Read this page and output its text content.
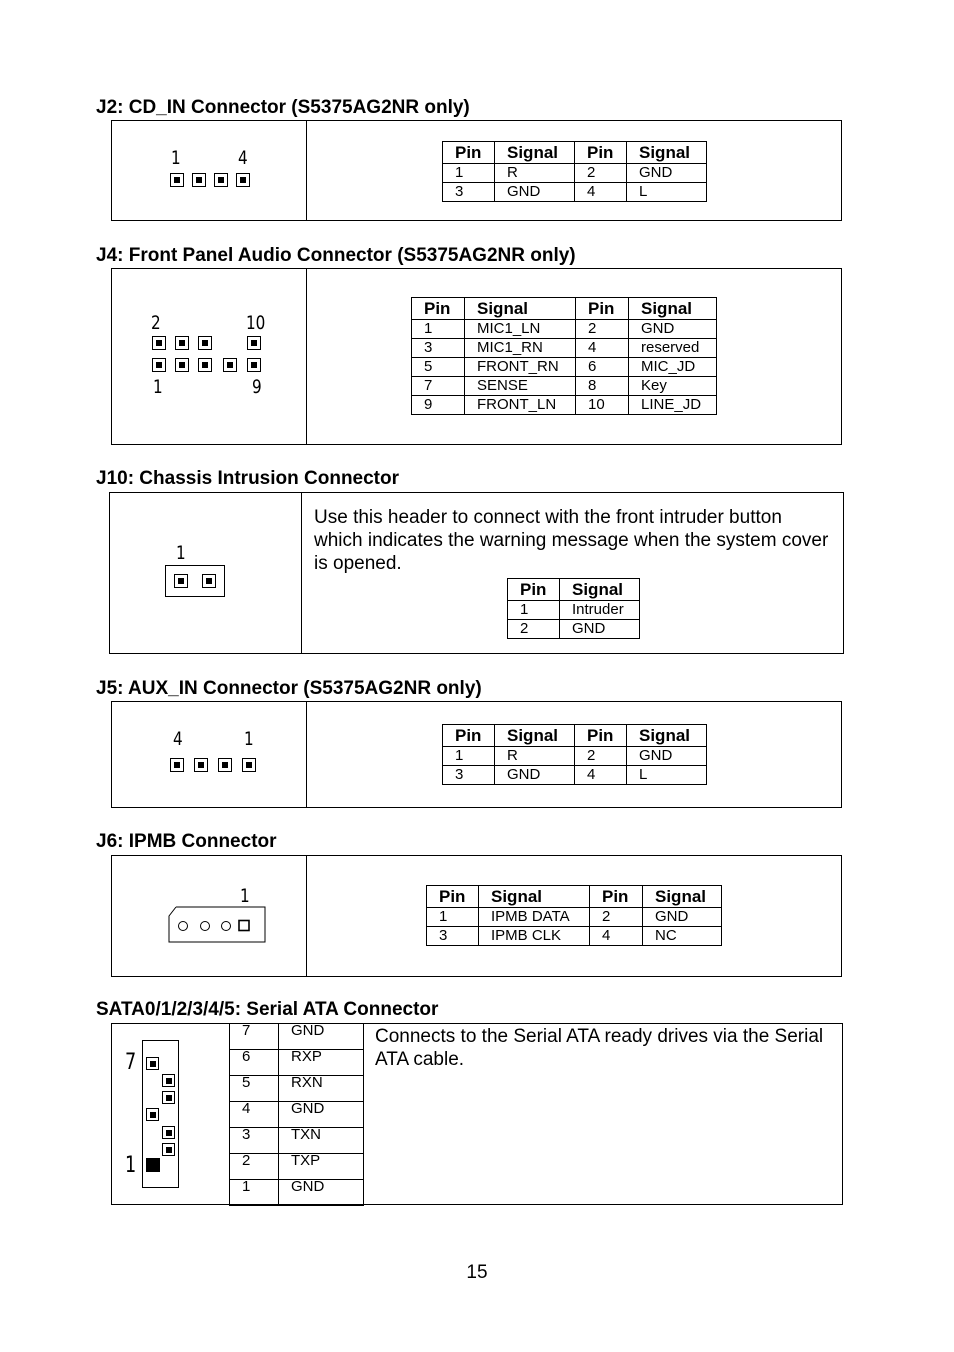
J2: CD_IN Connector (S5375AG2NR only)
1	4	Pin	Signal	Pin	Signal
1	R	2	GND
3	GND	4	L
J4: Front Panel Audio Connector (S5375AG2NR only)
2	10
1	9
Pin	Signal	Pin	Signal
1	MIC1_LN	2	GND
3	MIC1_RN	4	reserved
5	FRONT_RN	6	MIC_JD
7	SENSE	8	Key
9	FRONT_LN	10	LINE_JD
J10: Chassis Intrusion Connector
1
Use this header to connect with the front intruder button which indicates the warning message when the system cover is opened.
Pin	Signal
1	Intruder
2	GND
J5: AUX_IN Connector (S5375AG2NR only)
4	1	Pin	Signal	Pin	Signal
1	R	2	GND
3	GND	4	L
J6: IPMB Connector
1	Pin	Signal	Pin	Signal
1	IPMB DATA	2	GND
3	IPMB CLK	4	NC
SATA0/1/2/3/4/5: Serial ATA Connector
7
1
7	GND
6	RXP
5	RXN
4	GND
3	TXN
2	TXP
1	GND
Connects to the Serial ATA ready drives via the Serial ATA cable.
15
